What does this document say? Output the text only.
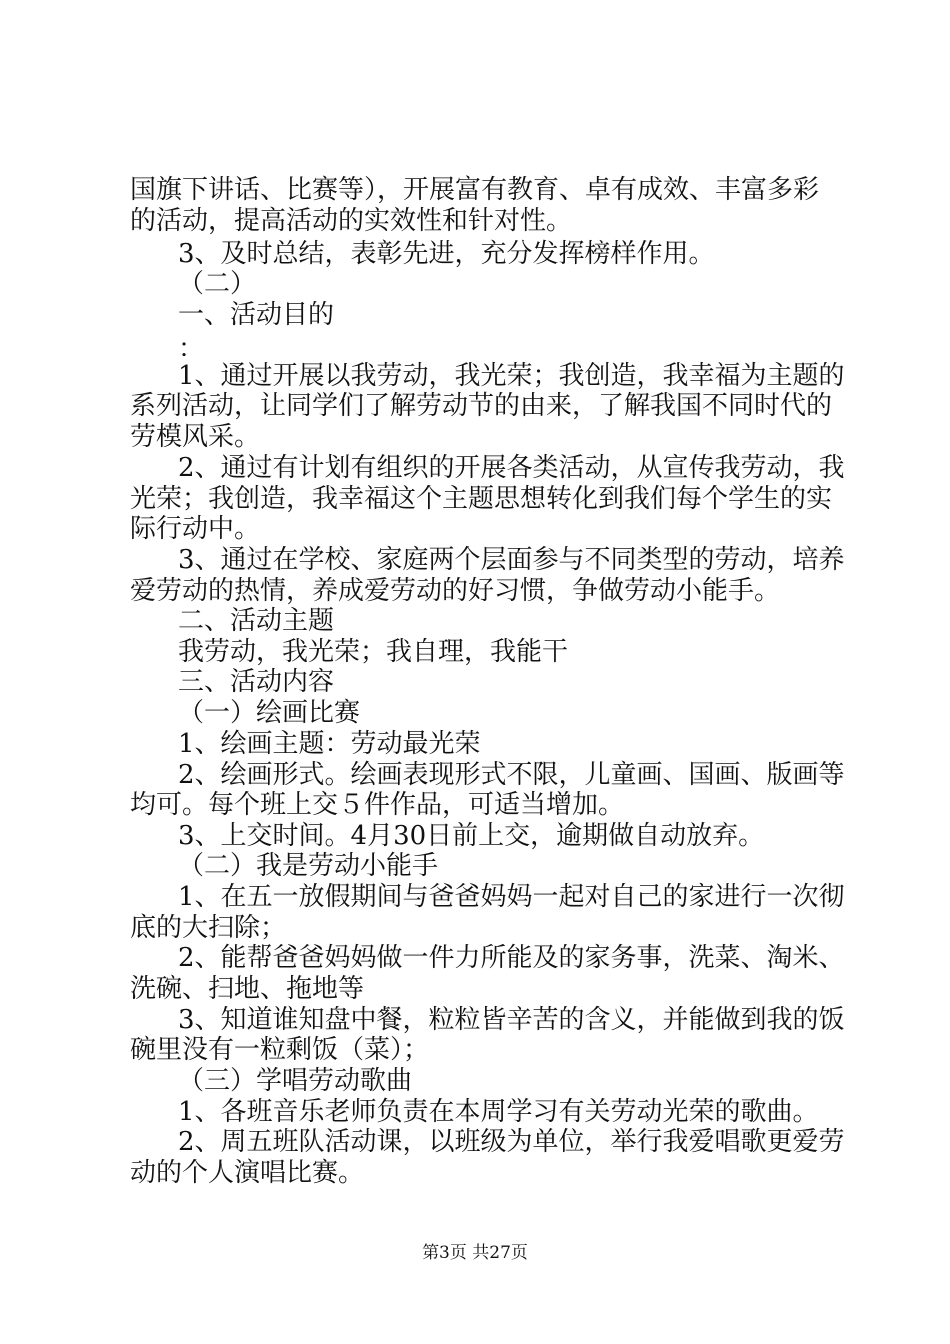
国旗下讲话、比赛等），开展富有教育、卓有成效、丰富多彩
的活动，提高活动的实效性和针对性。
3、及时总结，表彰先进，充分发挥榜样作用。
（二）
一、活动目的
：
1、通过开展以我劳动，我光荣；我创造，我幸福为主题的
系列活动，让同学们了解劳动节的由来，了解我国不同时代的
劳模风采。
2、通过有计划有组织的开展各类活动，从宣传我劳动，我
光荣；我创造，我幸福这个主题思想转化到我们每个学生的实
际行动中。
3、通过在学校、家庭两个层面参与不同类型的劳动，培养
爱劳动的热情，养成爱劳动的好习惯，争做劳动小能手。
二、活动主题
我劳动，我光荣；我自理，我能干
三、活动内容
（一）绘画比赛
1、绘画主题：劳动最光荣
2、绘画形式。绘画表现形式不限，儿童画、国画、版画等
均可。每个班上交５件作品，可适当增加。
3、上交时间。4月30日前上交，逾期做自动放弃。
（二）我是劳动小能手
1、在五一放假期间与爸爸妈妈一起对自己的家进行一次彻
底的大扫除；
2、能帮爸爸妈妈做一件力所能及的家务事，洗菜、淘米、
洗碗、扫地、拖地等
3、知道谁知盘中餐，粒粒皆辛苦的含义，并能做到我的饭
碗里没有一粒剩饭（菜）；
（三）学唱劳动歌曲
1、各班音乐老师负责在本周学习有关劳动光荣的歌曲。
2、周五班队活动课，以班级为单位，举行我爱唱歌更爱劳
动的个人演唱比赛。
第3页 共27页
